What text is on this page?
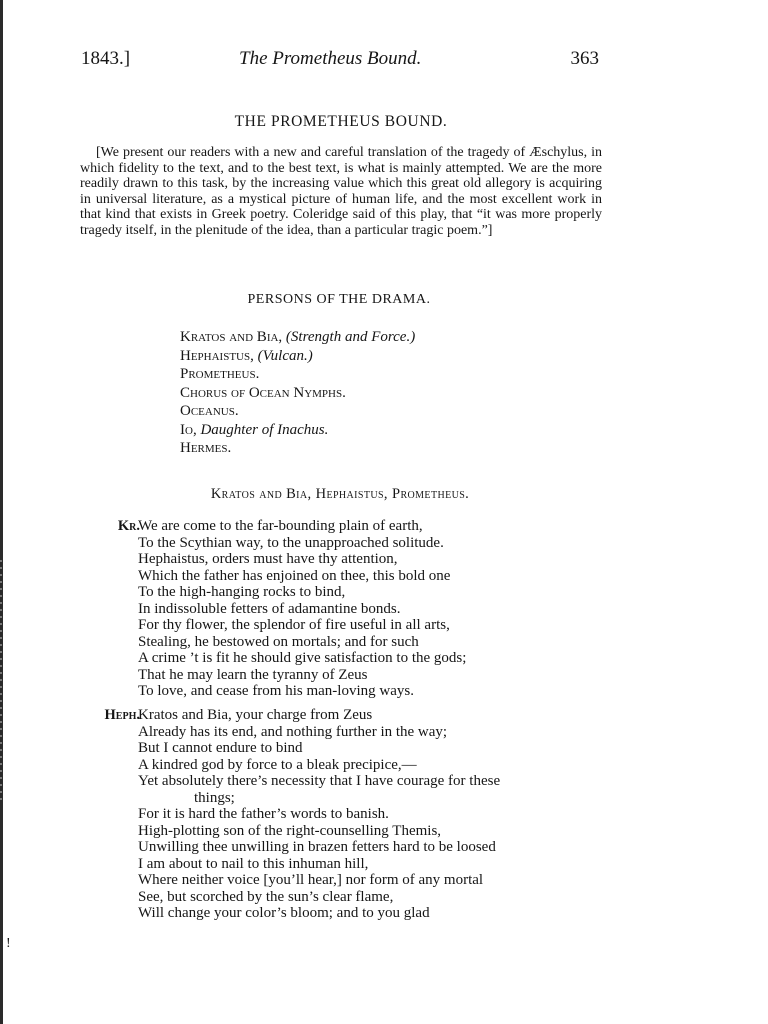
!
1843.]	The Prometheus Bound.	363
THE PROMETHEUS BOUND.
[We present our readers with a new and careful translation of the tragedy of Æschylus, in which fidelity to the text, and to the best text, is what is mainly attempted. We are the more readily drawn to this task, by the increasing value which this great old allegory is acquiring in universal literature, as a mystical picture of human life, and the most excellent work in that kind that exists in Greek poetry. Coleridge said of this play, that “it was more properly tragedy itself, in the plenitude of the idea, than a particular tragic poem.”]
PERSONS OF THE DRAMA.
Kratos and Bia, (Strength and Force.)
Hephaistus, (Vulcan.)
Prometheus.
Chorus of Ocean Nymphs.
Oceanus.
Io, Daughter of Inachus.
Hermes.
Kratos and Bia, Hephaistus, Prometheus.
Kr.
We are come to the far-bounding plain of earth,
To the Scythian way, to the unapproached solitude.
Hephaistus, orders must have thy attention,
Which the father has enjoined on thee, this bold one
To the high-hanging rocks to bind,
In indissoluble fetters of adamantine bonds.
For thy flower, the splendor of fire useful in all arts,
Stealing, he bestowed on mortals; and for such
A crime ’t is fit he should give satisfaction to the gods;
That he may learn the tyranny of Zeus
To love, and cease from his man-loving ways.
Heph.
Kratos and Bia, your charge from Zeus
Already has its end, and nothing further in the way;
But I cannot endure to bind
A kindred god by force to a bleak precipice,—
Yet absolutely there’s necessity that I have courage for these
things;
For it is hard the father’s words to banish.
High-plotting son of the right-counselling Themis,
Unwilling thee unwilling in brazen fetters hard to be loosed
I am about to nail to this inhuman hill,
Where neither voice [you’ll hear,] nor form of any mortal
See, but scorched by the sun’s clear flame,
Will change your color’s bloom; and to you glad
